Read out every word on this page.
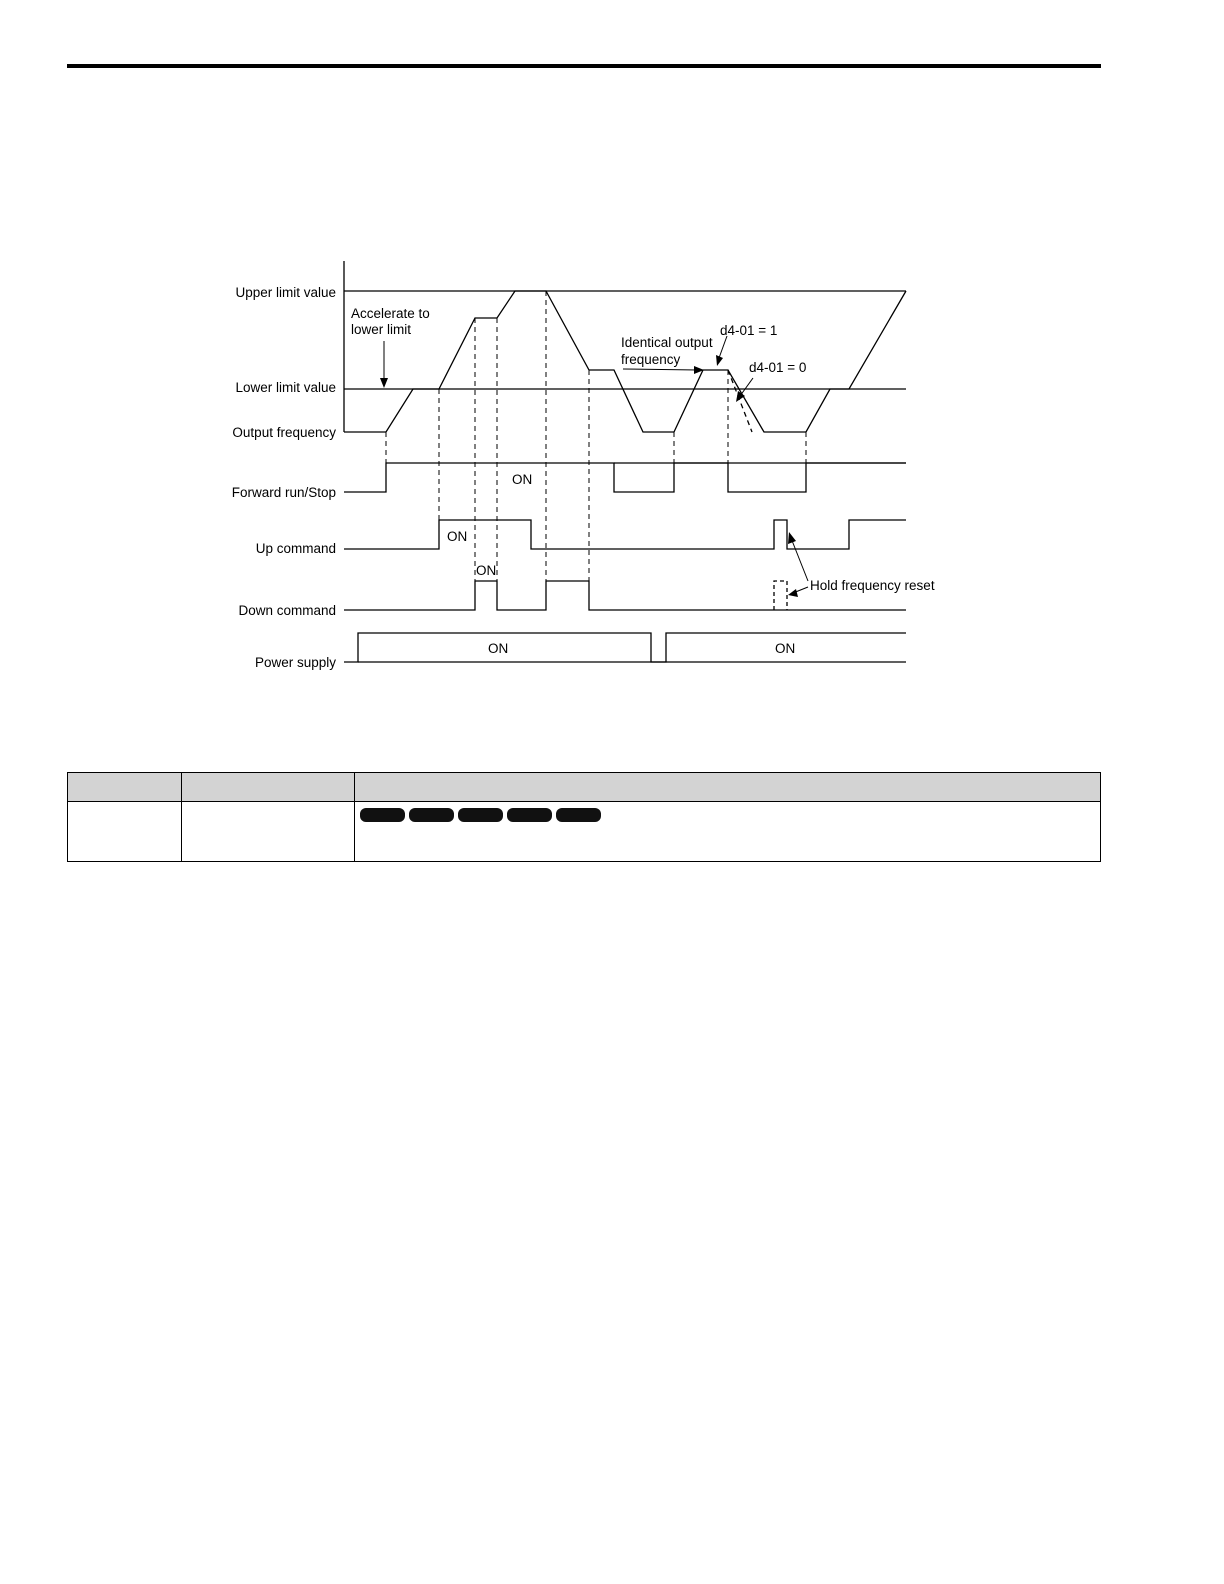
Upper limit value
Lower limit value
Output frequency
Forward run/Stop
Up command
Down command
Power supply
Accelerate to
lower limit
Identical output
frequency
d4-01 = 1
d4-01 = 0
Hold frequency reset
ON
ON
ON
ON	ON
